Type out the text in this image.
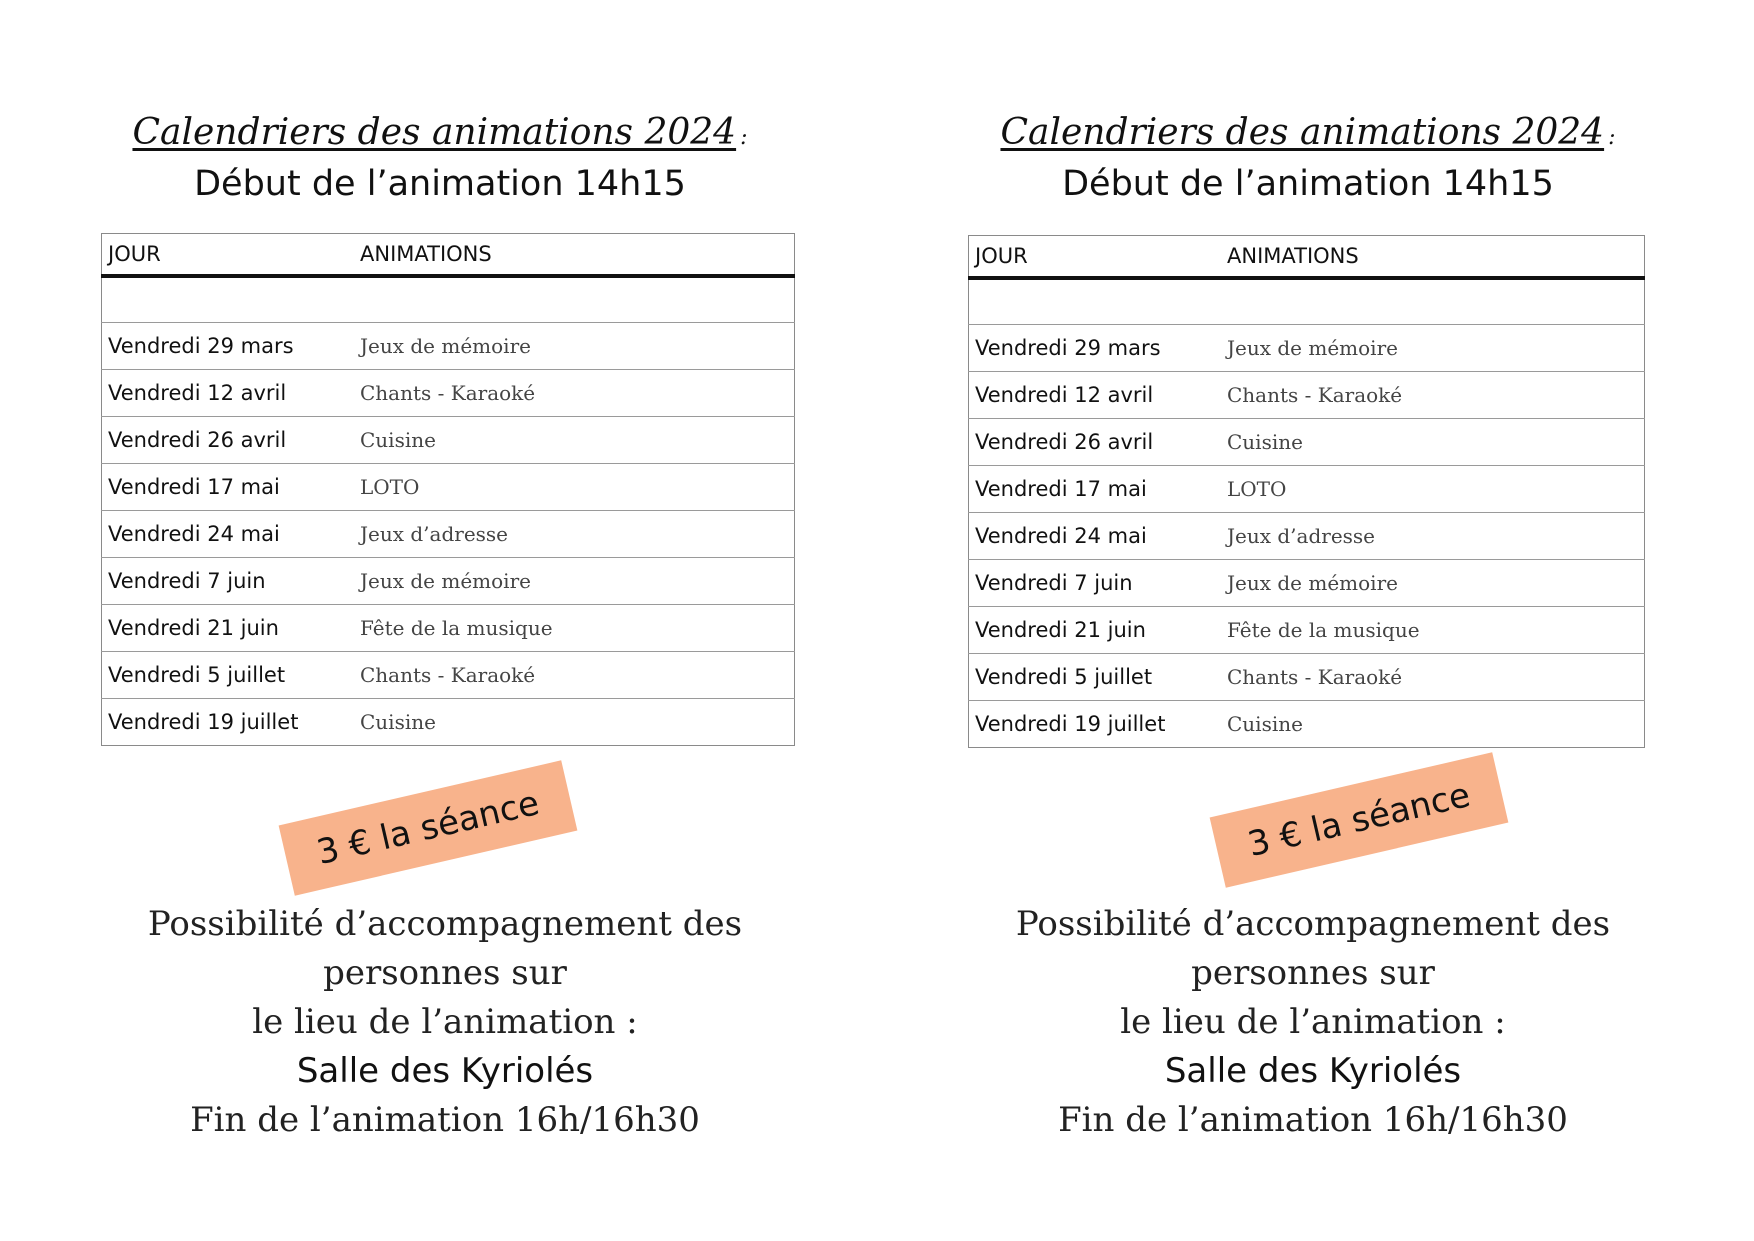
Calendriers des animations 2024 :
Début de l’animation 14h15
JOUR	ANIMATIONS

Vendredi 29 mars	Jeux de mémoire
Vendredi 12 avril	Chants - Karaoké
Vendredi 26 avril	Cuisine
Vendredi 17 mai	LOTO
Vendredi 24 mai	Jeux d’adresse
Vendredi 7 juin	Jeux de mémoire
Vendredi 21 juin	Fête de la musique
Vendredi 5 juillet	Chants - Karaoké
Vendredi 19 juillet	Cuisine
3 € la séance
Possibilité d’accompagnement des personnes sur
le lieu de l’animation :
Salle des Kyriolés
Fin de l’animation 16h/16h30
Calendriers des animations 2024 :
Début de l’animation 14h15
JOUR	ANIMATIONS

Vendredi 29 mars	Jeux de mémoire
Vendredi 12 avril	Chants - Karaoké
Vendredi 26 avril	Cuisine
Vendredi 17 mai	LOTO
Vendredi 24 mai	Jeux d’adresse
Vendredi 7 juin	Jeux de mémoire
Vendredi 21 juin	Fête de la musique
Vendredi 5 juillet	Chants - Karaoké
Vendredi 19 juillet	Cuisine
3 € la séance
Possibilité d’accompagnement des personnes sur
le lieu de l’animation :
Salle des Kyriolés
Fin de l’animation 16h/16h30
